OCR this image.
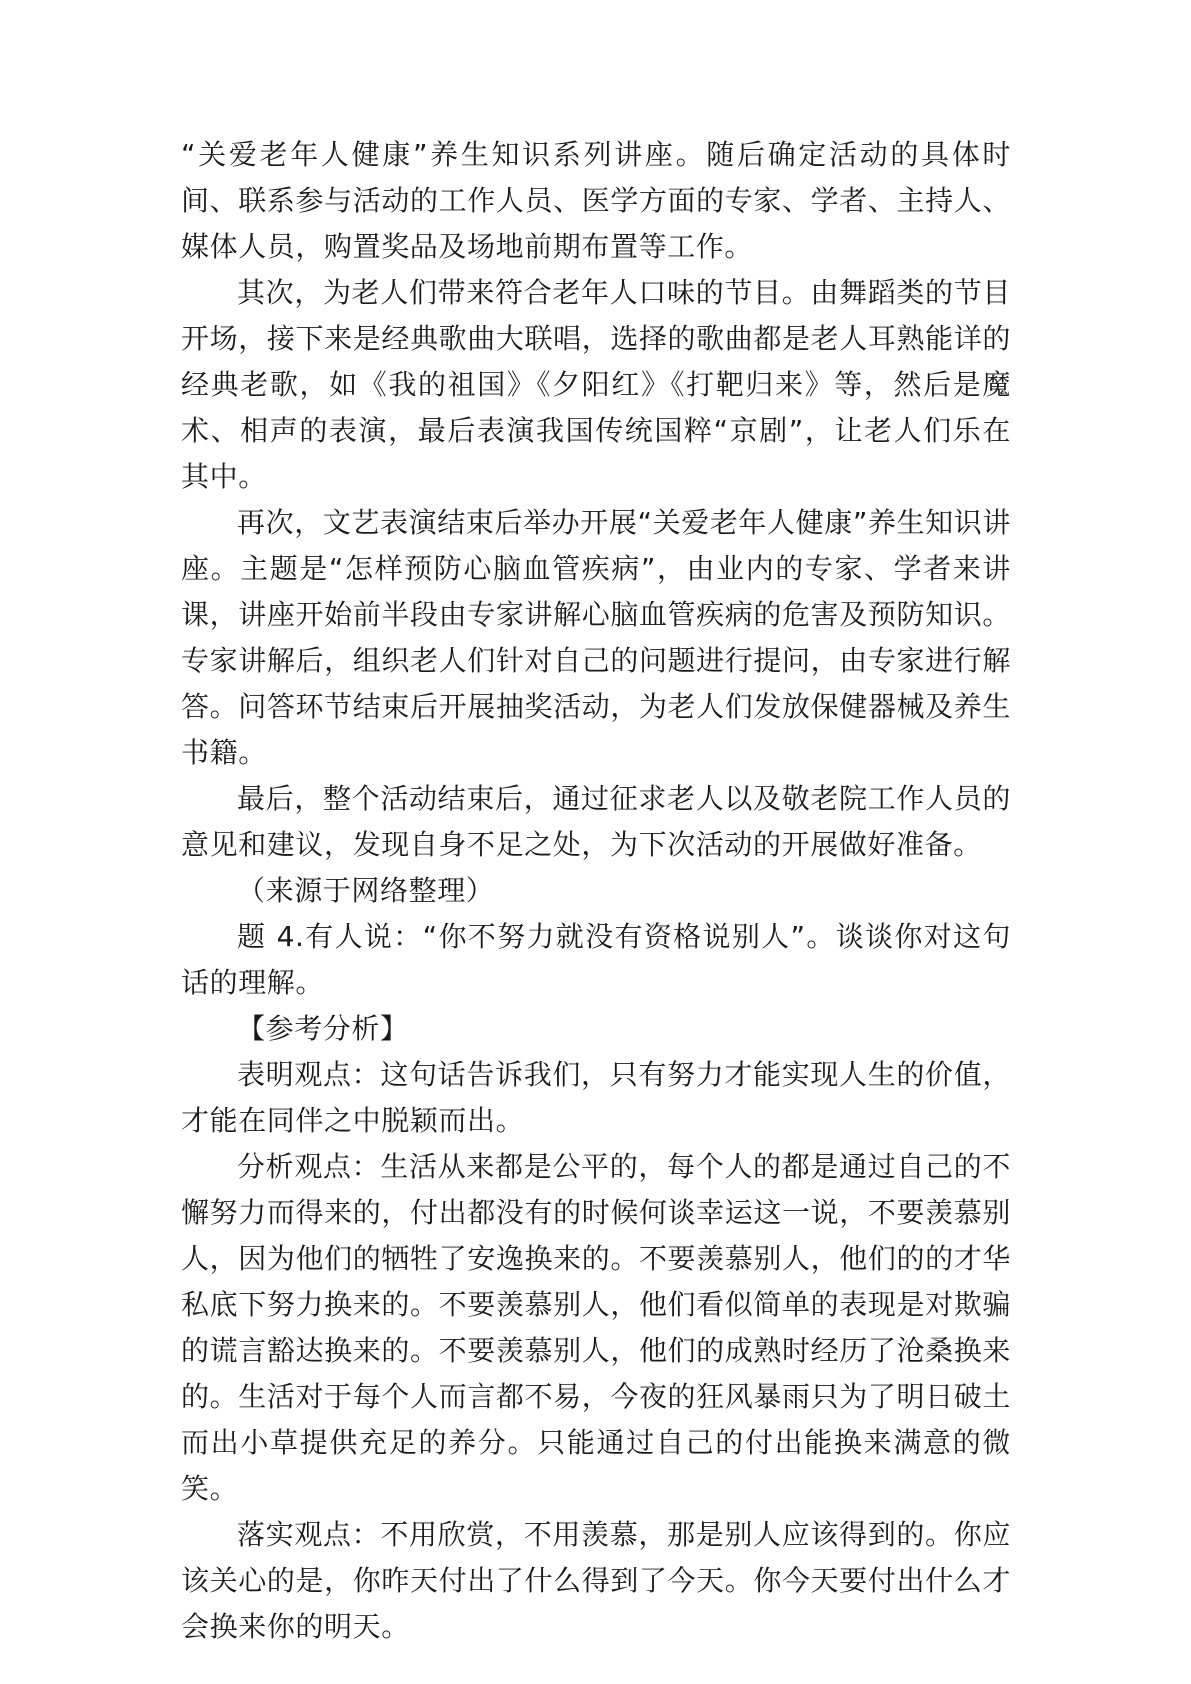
“关爱老年人健康”养生知识系列讲座。随后确定活动的具体时间、联系参与活动的工作人员、医学方面的专家、学者、主持人、媒体人员，购置奖品及场地前期布置等工作。

其次，为老人们带来符合老年人口味的节目。由舞蹈类的节目开场，接下来是经典歌曲大联唱，选择的歌曲都是老人耳熟能详的经典老歌，如《我的祖国》《夕阳红》《打靶归来》等，然后是魔术、相声的表演，最后表演我国传统国粹“京剧”，让老人们乐在其中。

再次，文艺表演结束后举办开展“关爱老年人健康”养生知识讲座。主题是“怎样预防心脑血管疾病”，由业内的专家、学者来讲课，讲座开始前半段由专家讲解心脑血管疾病的危害及预防知识。专家讲解后，组织老人们针对自己的问题进行提问，由专家进行解答。问答环节结束后开展抽奖活动，为老人们发放保健器械及养生书籍。

最后，整个活动结束后，通过征求老人以及敬老院工作人员的意见和建议，发现自身不足之处，为下次活动的开展做好准备。

（来源于网络整理）

题 4.有人说：“你不努力就没有资格说别人”。谈谈你对这句话的理解。

【参考分析】

表明观点：这句话告诉我们，只有努力才能实现人生的价值，才能在同伴之中脱颖而出。

分析观点：生活从来都是公平的，每个人的都是通过自己的不懈努力而得来的，付出都没有的时候何谈幸运这一说，不要羡慕别人，因为他们的牺牲了安逸换来的。不要羡慕别人，他们的的才华私底下努力换来的。不要羡慕别人，他们看似简单的表现是对欺骗的谎言豁达换来的。不要羡慕别人，他们的成熟时经历了沧桑换来的。生活对于每个人而言都不易，今夜的狂风暴雨只为了明日破土而出小草提供充足的养分。只能通过自己的付出能换来满意的微笑。

落实观点：不用欣赏，不用羡慕，那是别人应该得到的。你应该关心的是，你昨天付出了什么得到了今天。你今天要付出什么才会换来你的明天。
